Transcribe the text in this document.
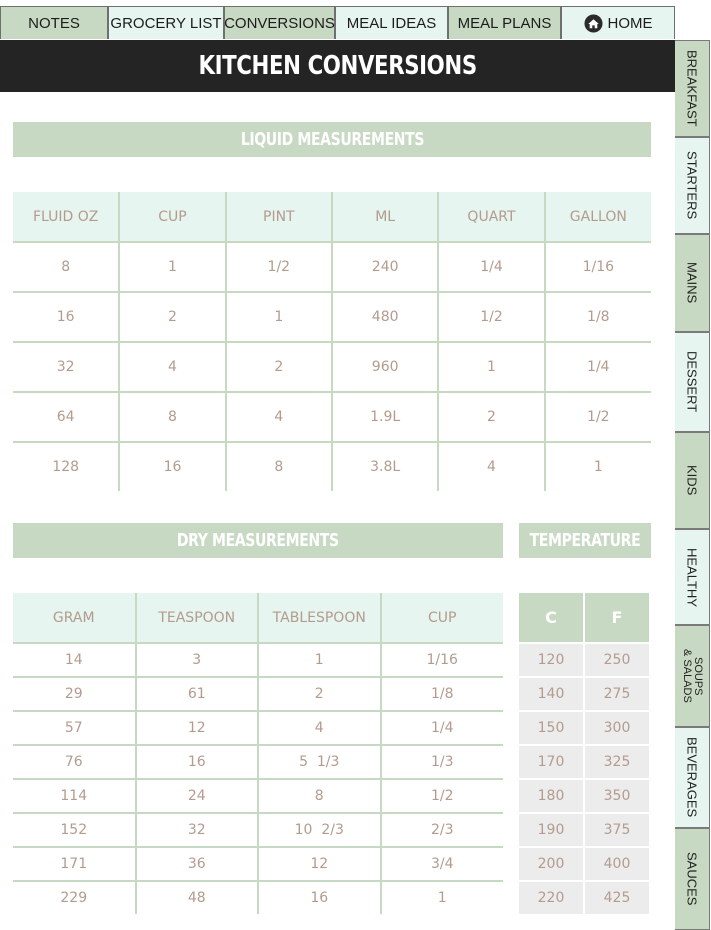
NOTES GROCERY LIST CONVERSIONS MEAL IDEAS MEAL PLANS	HOME
KITCHEN CONVERSIONS
LIQUID MEASUREMENTS
FLUID OZ	CUP	PINT	ML	QUART	GALLON
8	1	1/2	240	1/4	1/16
16	2	1	480	1/2	1/8
32	4	2	960	1	1/4
64	8	4	1.9L	2	1/2
128	16	8	3.8L	4	1
DRY MEASUREMENTS
GRAM	TEASPOON	TABLESPOON	CUP
14	3	1	1/16
29	61	2	1/8
57	12	4	1/4
76	16	5  1/3	1/3
114	24	8	1/2
152	32	10  2/3	2/3
171	36	12	3/4
229	48	16	1
TEMPERATURE
C	F
120	250
140	275
150	300
170	325
180	350
190	375
200	400
220	425
BREAKFAST
STARTERS
MAINS
DESSERT
KIDS
HEALTHY
SOUPS
& SALADS
BEVERAGES
SAUCES
